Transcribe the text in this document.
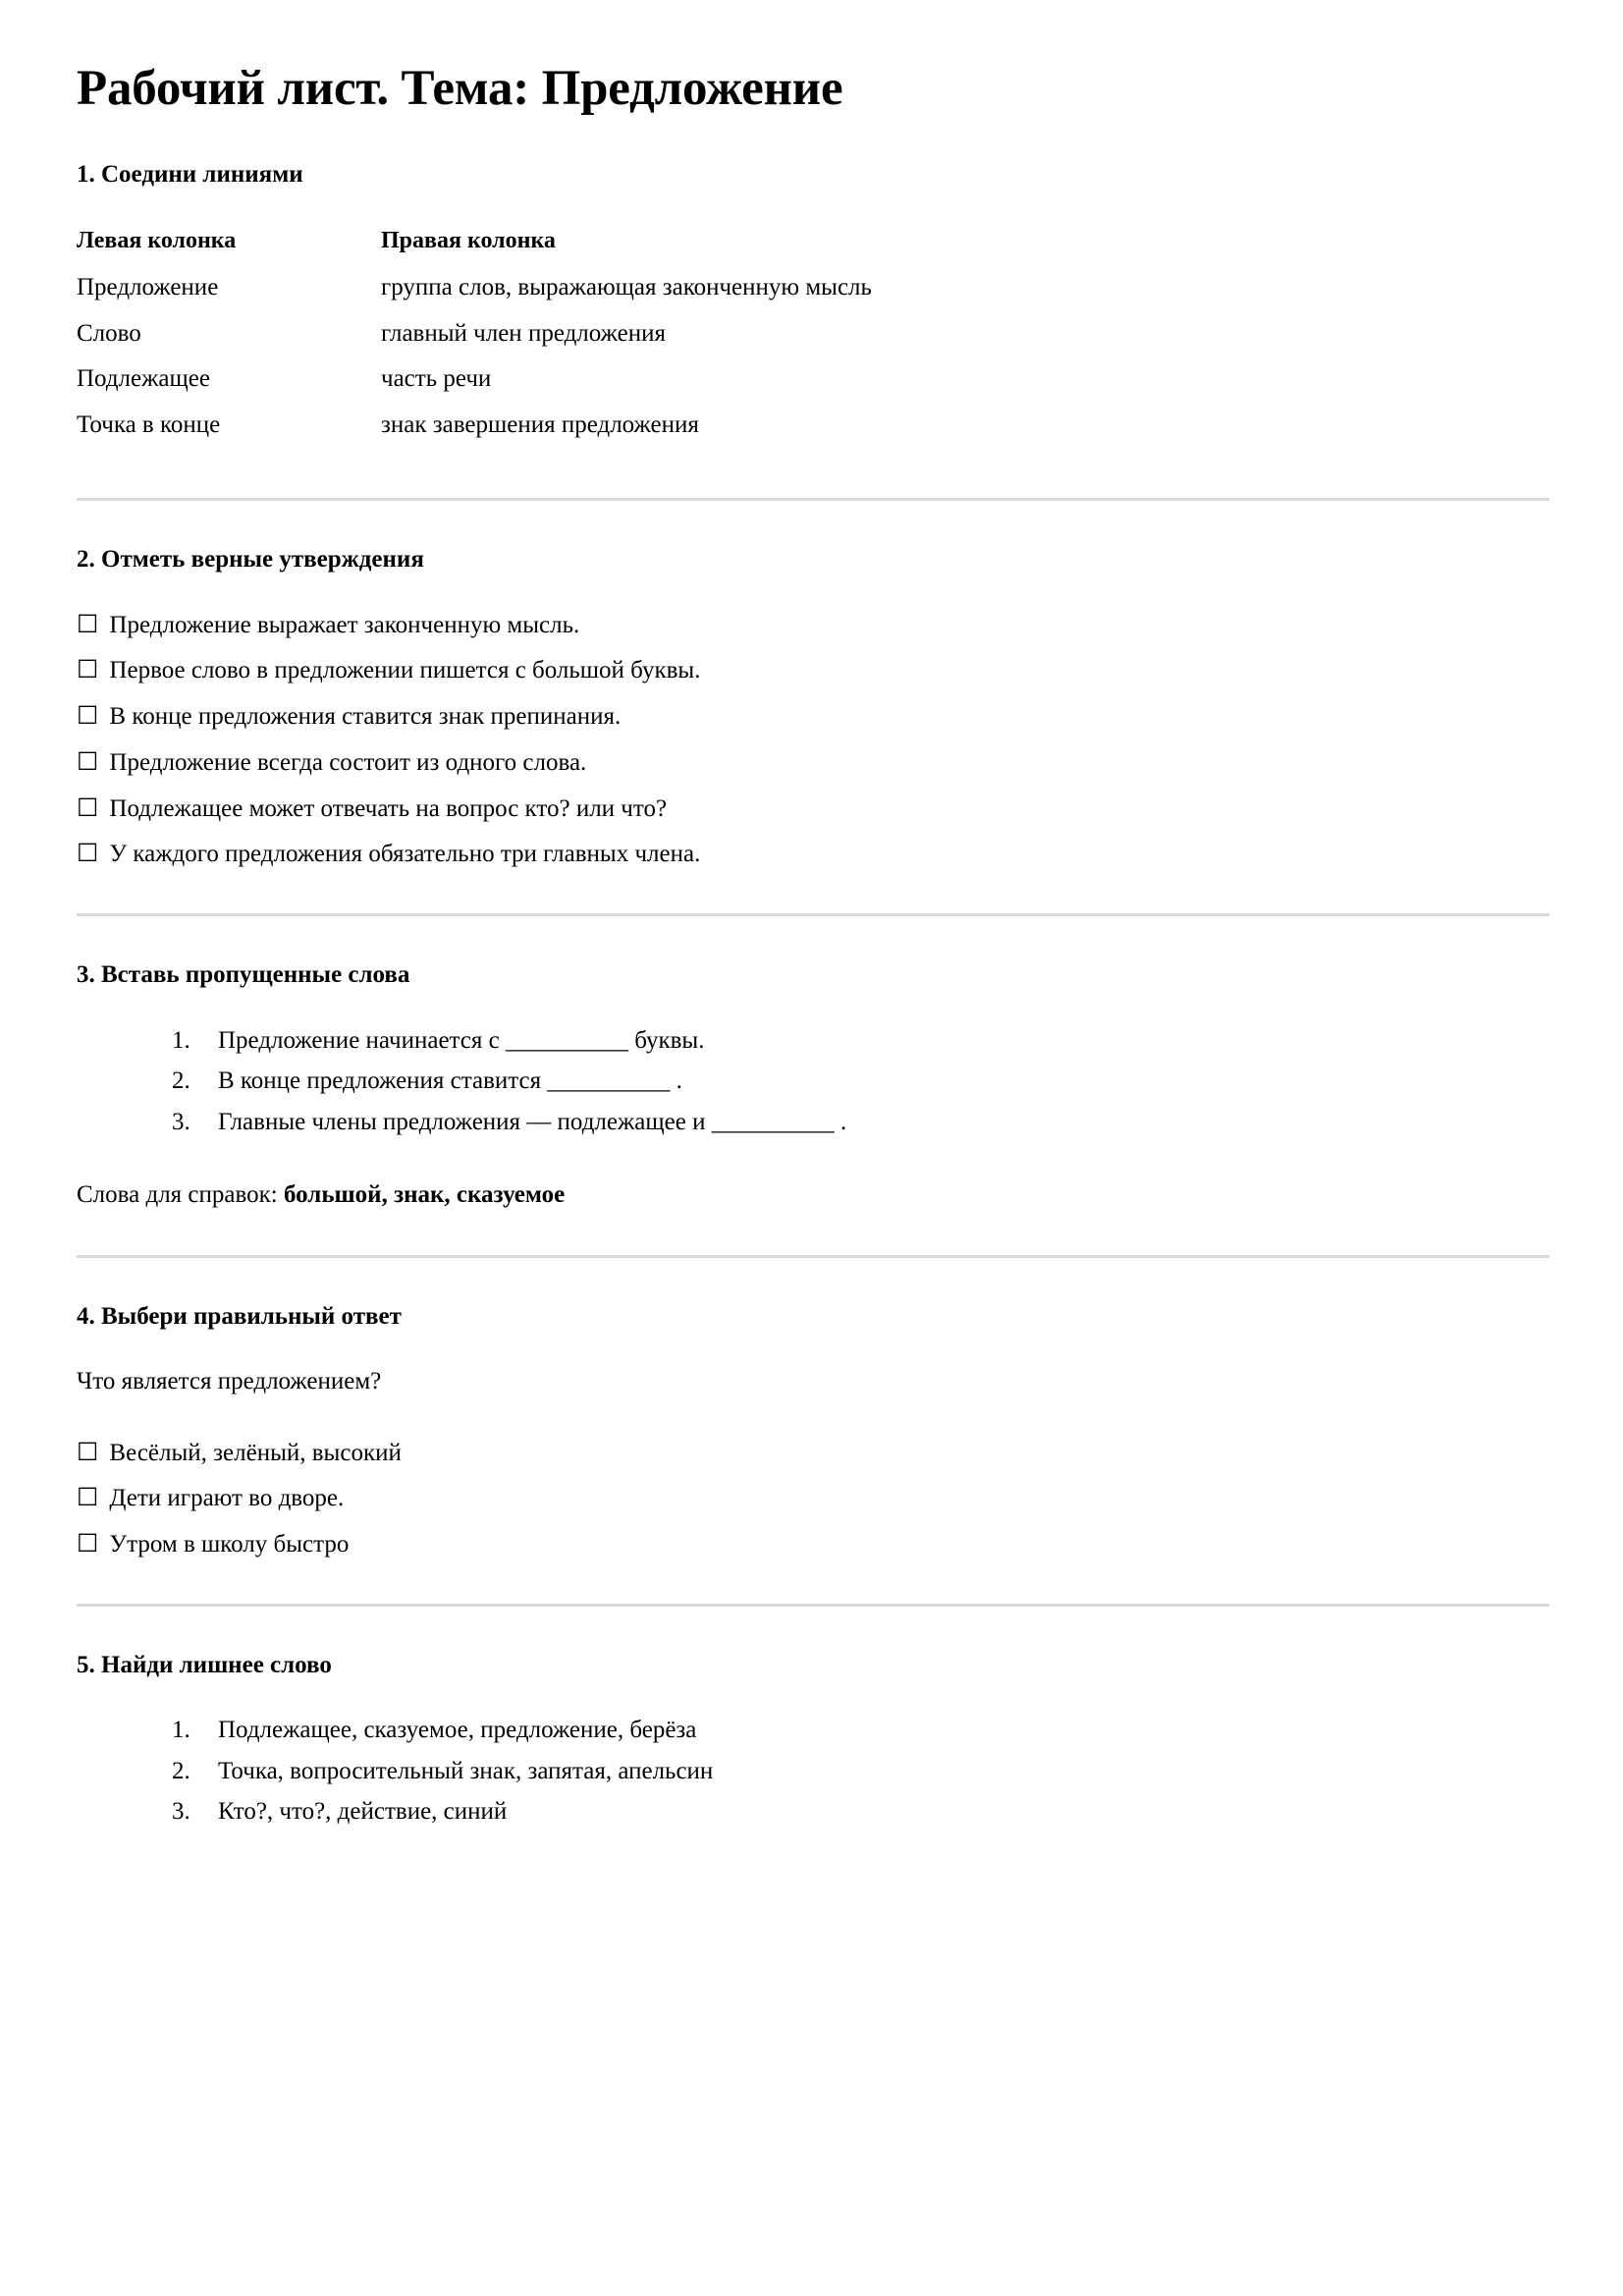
Рабочий лист. Тема: Предложение
1. Соедини линиями
Левая колонка	Правая колонка
Предложение	группа слов, выражающая законченную мысль
Слово	главный член предложения
Подлежащее	часть речи
Точка в конце	знак завершения предложения
2. Отметь верные утверждения
☐ Предложение выражает законченную мысль.
☐ Первое слово в предложении пишется с большой буквы.
☐ В конце предложения ставится знак препинания.
☐ Предложение всегда состоит из одного слова.
☐ Подлежащее может отвечать на вопрос кто? или что?
☐ У каждого предложения обязательно три главных члена.
3. Вставь пропущенные слова
1. Предложение начинается с __________ буквы.
2. В конце предложения ставится __________ .
3. Главные члены предложения — подлежащее и __________ .

Слова для справок: большой, знак, сказуемое

4. Выбери правильный ответ

Что является предложением?

☐ Весёлый, зелёный, высокий
☐ Дети играют во дворе.
☐ Утром в школу быстро
5. Найди лишнее слово
1. Подлежащее, сказуемое, предложение, берёза
2. Точка, вопросительный знак, запятая, апельсин
3. Кто?, что?, действие, синий
